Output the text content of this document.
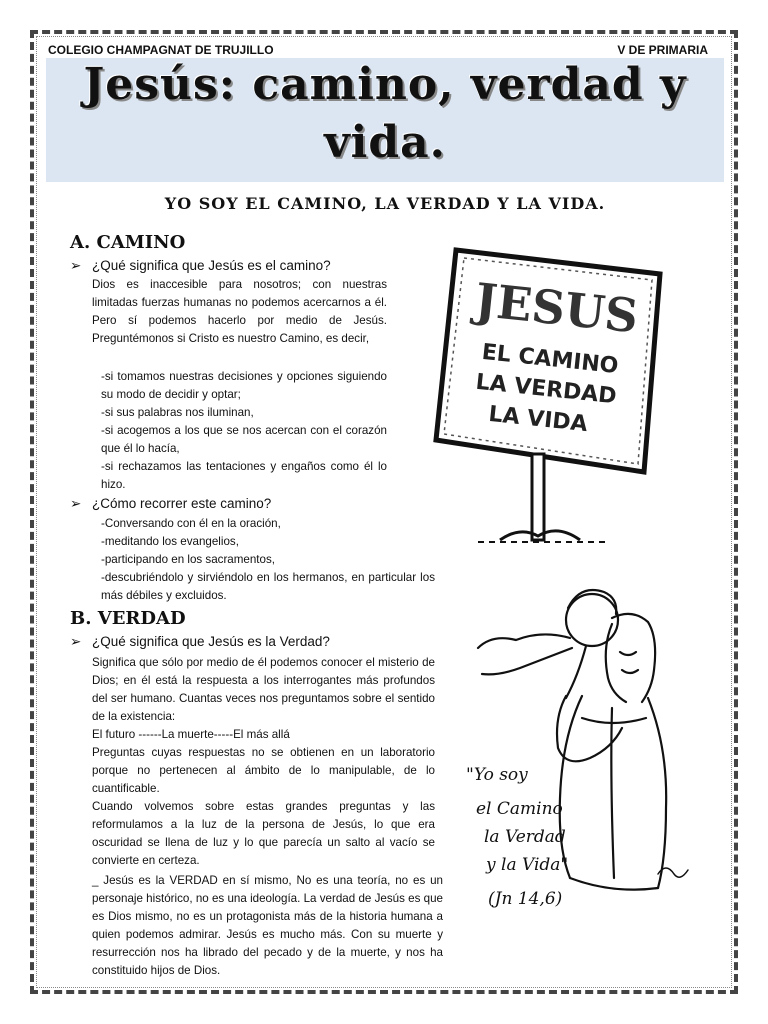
COLEGIO CHAMPAGNAT DE TRUJILLO	V DE PRIMARIA
Jesús: camino, verdad y
vida.
YO SOY EL CAMINO, LA VERDAD Y LA VIDA.
A. CAMINO
➢ ¿Qué significa que Jesús es el camino?
Dios es inaccesible para nosotros; con nuestras limitadas fuerzas humanas no podemos acercarnos a él. Pero sí podemos hacerlo por medio de Jesús. Preguntémonos si Cristo es nuestro Camino, es decir,
-si tomamos nuestras decisiones y opciones siguiendo su modo de decidir y optar;
-si sus palabras nos iluminan,
-si acogemos a los que se nos acercan con el corazón que él lo hacía,
-si rechazamos las tentaciones y engaños como él lo hizo.
➢ ¿Cómo recorrer este camino?
-Conversando con él en la oración,
-meditando los evangelios,
-participando en los sacramentos,
-descubriéndolo y sirviéndolo en los hermanos, en particular los más débiles y excluidos.
B. VERDAD
➢ ¿Qué significa que Jesús es la Verdad?
Significa que sólo por medio de él podemos conocer el misterio de Dios; en él está la respuesta a los interrogantes más profundos del ser humano. Cuantas veces nos preguntamos sobre el sentido de la existencia:
El futuro ------La muerte-----El más allá
Preguntas cuyas respuestas no se obtienen en un laboratorio porque no pertenecen al ámbito de lo manipulable, de lo cuantificable.
Cuando volvemos sobre estas grandes preguntas y las reformulamos a la luz de la persona de Jesús, lo que era oscuridad se llena de luz y lo que parecía un salto al vacío se convierte en certeza.
_ Jesús es la VERDAD en sí mismo, No es una teoría, no es un personaje histórico, no es una ideología. La verdad de Jesús es que es Dios mismo, no es un protagonista más de la historia humana a quien podemos admirar. Jesús es mucho más. Con su muerte y resurrección nos ha librado del pecado y de la muerte, y nos ha constituido hijos de Dios.
JESUS
EL CAMINO
LA VERDAD
LA VIDA
"Yo soy
el Camino
la Verdad
y la Vida"
(Jn 14,6)
